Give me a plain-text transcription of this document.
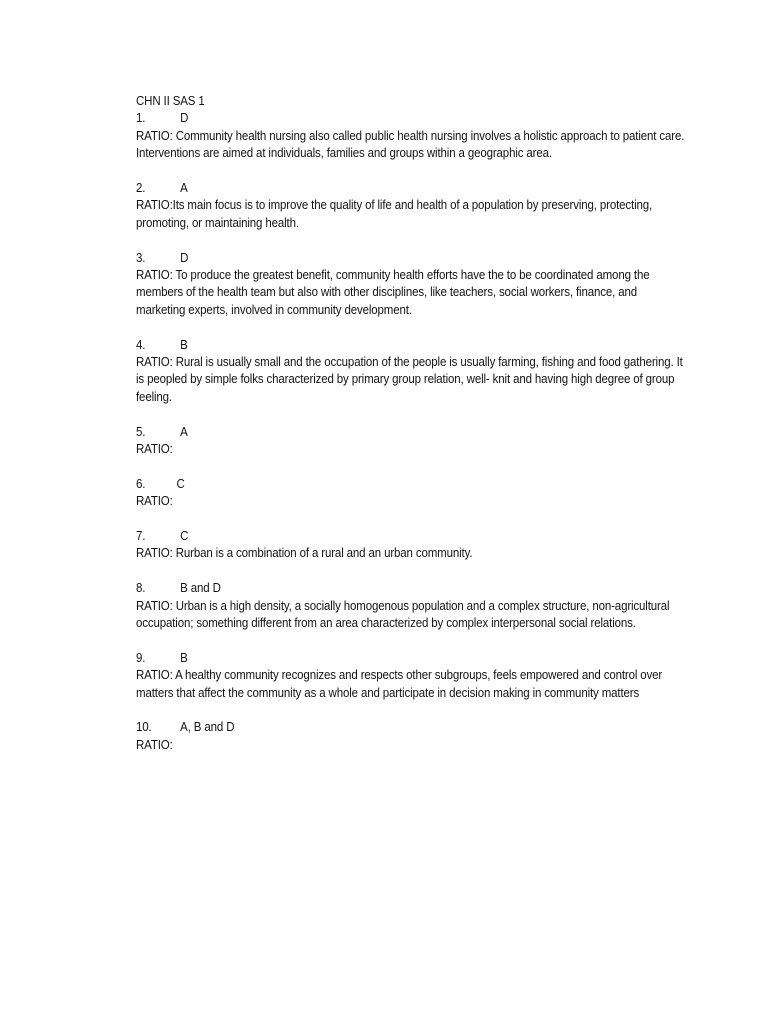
CHN II SAS 1

1.	D

RATIO: Community health nursing also called public health nursing involves a holistic approach to patient care. Interventions are aimed at individuals, families and groups within a geographic area.

2.	A

RATIO:Its main focus is to improve the quality of life and health of a population by preserving, protecting, promoting, or maintaining health.

3.	D

RATIO: To produce the greatest benefit, community health efforts have the to be coordinated among the members of the health team but also with other disciplines, like teachers, social workers, finance, and marketing experts, involved in community development.

4.	B

RATIO: Rural is usually small and the occupation of the people is usually farming, fishing and food gathering. It is peopled by simple folks characterized by primary group relation, well- knit and having high degree of group feeling.

5.	A

RATIO:

6.	C

RATIO:

7.	C

RATIO: Rurban is a combination of a rural and an urban community.

8.	B and D

RATIO: Urban is a high density, a socially homogenous population and a complex structure, non-agricultural occupation; something different from an area characterized by complex interpersonal social relations.

9.	B

RATIO: A healthy community recognizes and respects other subgroups, feels empowered and control over matters that affect the community as a whole and participate in decision making in community matters

10.	A, B and D

RATIO:
